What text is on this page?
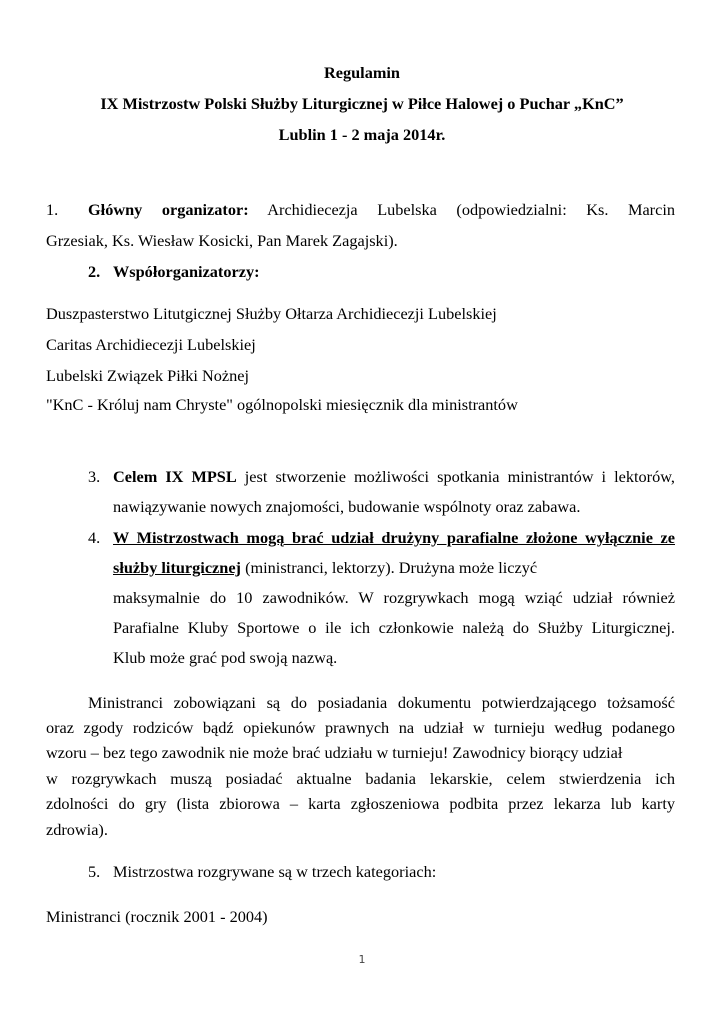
Regulamin
IX Mistrzostw Polski Służby Liturgicznej w Piłce Halowej o Puchar „KnC”
Lublin 1 - 2 maja 2014r.
1. Główny organizator: Archidiecezja Lubelska (odpowiedzialni: Ks. Marcin
Grzesiak, Ks. Wiesław Kosicki, Pan Marek Zagajski).
2. Współorganizatorzy:
Duszpasterstwo Litutgicznej Służby Ołtarza Archidiecezji Lubelskiej
Caritas Archidiecezji Lubelskiej
Lubelski Związek Piłki Nożnej
"KnC - Króluj nam Chryste" ogólnopolski miesięcznik dla ministrantów
3. Celem IX MPSL jest stworzenie możliwości spotkania ministrantów i lektorów,
nawiązywanie nowych znajomości, budowanie wspólnoty oraz zabawa.
4. W Mistrzostwach mogą brać udział drużyny parafialne złożone wyłącznie ze
służby liturgicznej (ministranci, lektorzy). Drużyna może liczyć
maksymalnie do 10 zawodników. W rozgrywkach mogą wziąć udział również
Parafialne Kluby Sportowe o ile ich członkowie należą do Służby Liturgicznej.
Klub może grać pod swoją nazwą.
Ministranci zobowiązani są do posiadania dokumentu potwierdzającego tożsamość
oraz zgody rodziców bądź opiekunów prawnych na udział w turnieju według podanego
wzoru – bez tego zawodnik nie może brać udziału w turnieju! Zawodnicy biorący udział
w rozgrywkach muszą posiadać aktualne badania lekarskie, celem stwierdzenia ich
zdolności do gry (lista zbiorowa – karta zgłoszeniowa podbita przez lekarza lub karty
zdrowia).
5. Mistrzostwa rozgrywane są w trzech kategoriach:
Ministranci (rocznik 2001 - 2004)
1
